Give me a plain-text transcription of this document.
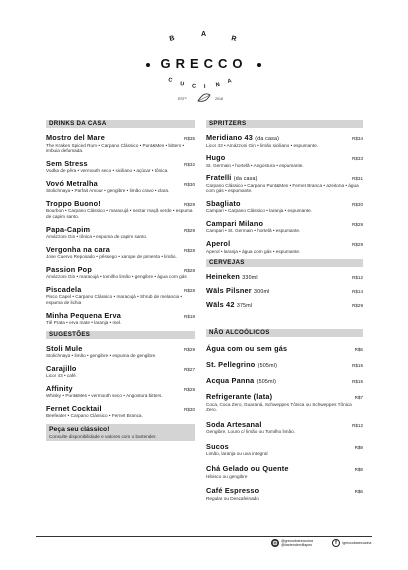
B
A
R
C
U C I N
A
ESTᵈ	2018
GRECCO
DRINKS DA CASA
Mostro del Mare	R$35
The Kraken Spiced Rum • Carpano Clássico • Punt&Mes • bitters • imbuia defumada.
Sem Stress	R$32
Vodka de pêra • vermouth seco • siciliano • açúcar • tônica.
Vovó Metralha	R$30
Stolichnaya • Parfait Amour • gengibre • limão cravo • clara.
Troppo Buono!	R$29
Bourbon • Carpano Clássico • maracujá • nectar maçã verde • espuma de capim santo.
Papa-Capim	R$29
Amázzoni Gin • tônica • espuma de capim santo.
Vergonha na cara	R$28
Jose Cuervo Reposado • pêssego • xarope de pimenta • limão.
Passion Pop	R$28
Amázzoni Gin • maracujá • tomilho limão • gengibre • água com gás
Piscadela	R$28
Pisco Capel • Carpano Clássico • maracujá • Shrub de melancia • espuma de lichia
Minha Pequena Erva	R$18
Tiê Prata • erva mate • laranja • mel.
SUGESTÕES
Stoli Mule	R$29
Stolichnaya • limão • gengibre • espuma de gengibre.
Carajillo	R$27
Licor 43 • café.
Affinity	R$28
Whisky • Punt&Mes • vermouth seco • Angostura bitters.
Fernet Cocktail	R$30
Beefeater • Carpano Clássico • Fernet Branca.
Peça seu clássico!
Consulte disponibilidade e valores com o bartender.
SPRITZERS
Meridiano 43 (da casa)	R$34
Licor 43 • Amázzoni Gin • limão siciliano • espumante.
Hugo	R$33
St. Germain • hortelã • Angostura • espumante.
Fratelli (da casa)	R$31
Carpano Clássico • Carpano Punt&Mes • Fernet Branca • azeitona • água com gás • espumante.
Sbagliato	R$30
Campari • Carpano Clássico • laranja • espumante.
Campari Milano	R$29
Campari • St. Germain • hortelã • espumante.
Aperol	R$29
Aperol • laranja • água com gás • espumante.
CERVEJAS
Heineken 330ml	R$12
Wäls Pilsner 300ml	R$14
Wäls 42 375ml	R$29
NÃO ALCOÓLICOS
Água com ou sem gás	R$6
St. Pellegrino (505ml)	R$16
Acqua Panna (505ml)	R$16
Refrigerante (lata)	R$7
Coca, Coca Zero, Guaraná, Schweppes Tônica ou Schweppes Tônica Zero.
Soda Artesanal	R$12
Gengibre, Louro c/ limão ou Tomilho limão.
Sucos	R$9
Limão, laranja ou uva integral
Chá Gelado ou Quente	R$9
Hibisco ou gengibre
Café Espresso	R$6
Regular ou Descafeinado
@greccobarecucina
@bartendervillapes	f	/greccobarecucina
